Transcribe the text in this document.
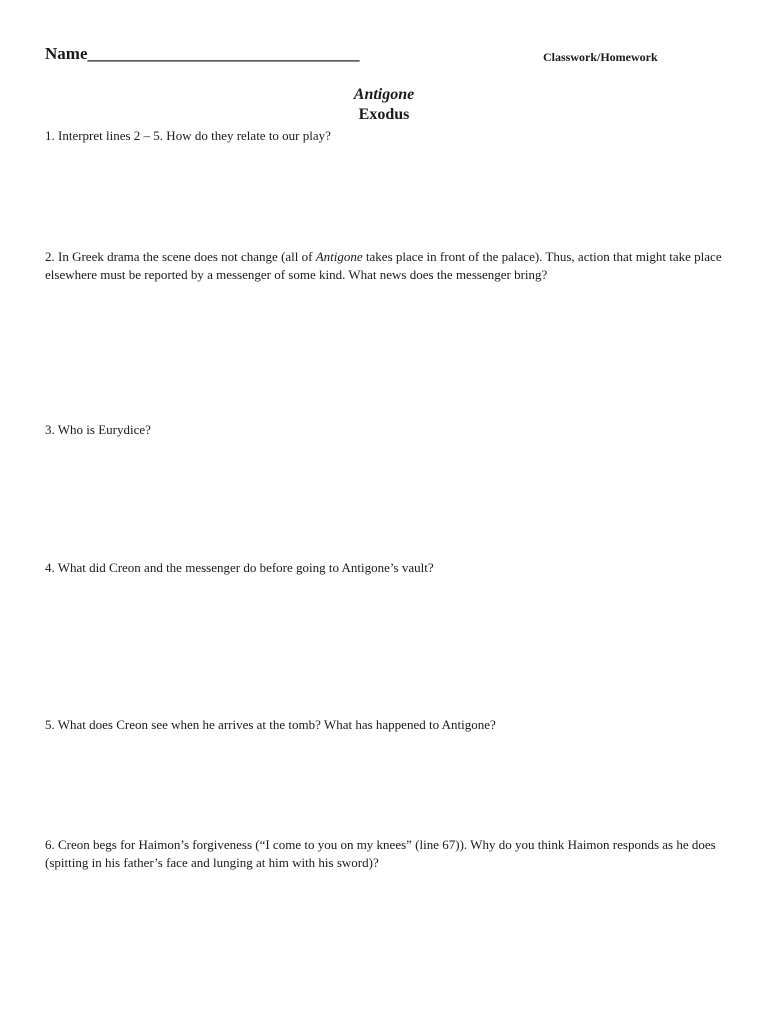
Name________________________________	Classwork/Homework
Antigone
Exodus
1. Interpret lines 2 – 5. How do they relate to our play?
2. In Greek drama the scene does not change (all of Antigone takes place in front of the palace). Thus, action that might take place elsewhere must be reported by a messenger of some kind. What news does the messenger bring?
3. Who is Eurydice?
4. What did Creon and the messenger do before going to Antigone’s vault?
5. What does Creon see when he arrives at the tomb? What has happened to Antigone?
6. Creon begs for Haimon’s forgiveness (“I come to you on my knees” (line 67)). Why do you think Haimon responds as he does (spitting in his father’s face and lunging at him with his sword)?
